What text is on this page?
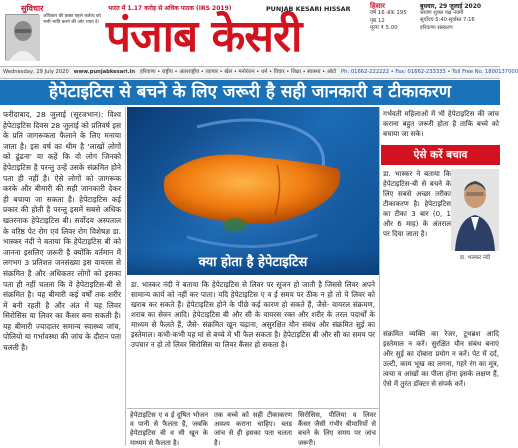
सुविचार
अधिकार की इच्छा पहले कर्तव्य को भली-भांति करने की ओर ध्यान दें।
भारत में 1.17 करोड़ से अधिक पाठक (IRS 2019)	PUNJAB KESARI HISSAR
पंजाब केसरी
हिसार
वर्ष 16 अंक 195
पृष्ठ 12
मूल्य ₹ 5.00
बुधवार, 29 जुलाई 2020
श्रावण शुक्ल पक्ष नवमी
सूर्योदय 5:40 सूर्यास्त 7:16
हरियाणा संस्करण
Wednesday, 29 July 2020 www.punjabkesari.in हरियाणा • राष्ट्रीय • अंतरराष्ट्रीय • व्यापार • खेल • मनोरंजन • धर्म • विचार • शिक्षा • स्वास्थ्य • ऑटो Ph: 01662-222222 • Fax: 01662-233333 • Toll Free No. 1800137000
हेपेटाइटिस से बचने के लिए जरूरी है सही जानकारी व टीकाकरण
फरीदाबाद, 28 जुलाई (सूरजभान): विश्व हेपेटाइटिस दिवस 28 जुलाई को प्रतिवर्ष इस के प्रति जागरूकता फैलाने के लिए मनाया जाता है। इस वर्ष का थीम है 'लाखों लोगों को ढूंढना' या कहें कि वो लोग जिनको हेपेटाइटिस है परन्तु उन्हें उसके संक्रमित होने पता ही नहीं है। ऐसे लोगों को जागरूक करके और बीमारी की सही जानकारी देकर ही बचाया जा सकता है। हेपेटाइटिस कई प्रकार की होती है परन्तु इसमें सबसे अधिक खतरनाक हेपेटाइटिस बी। सर्वोदय अस्पताल के वरिष्ठ पेट रोग एवं लिवर रोग विशेषज्ञ डा. भास्कर नंदी ने बताया कि हेपेटाइटिस बी को जानना इसलिए जरूरी है क्योंकि वर्तमान में लगभग 3 प्रतिशत जनसंख्या इस वायरस से संक्रमित है और अधिकतर लोगों को इसका पता ही नहीं चलता कि वे हेपेटाइटिस-बी से संक्रमित है। यह बीमारी कई वर्षों तक शरीर में बनी रहती है और अंत में यह लिवर सिरोसिस या लिवर का कैंसर बना सकती है। यह बीमारी ज्यादातर समान्य स्वास्थ्य जांच, पोलियो या गर्भावस्था की जांच के दौरान पता चलती है।
क्या होता है हेपेटाइटिस
डा. भास्कर नंदी ने बताया कि हेपेटाइटिस से लिवर पर सूजन हो जाती है जिससे लिवर अपने सामान्य कार्य को नहीं कर पाता। यदि हेपेटाइटिस ए व ई समय पर ठीक न हो तो ये लिवर को खराब कर सकते हैं। हेपेटाइटिस होने के पीछे कई कारण हो सकते हैं, जैसे- वायरल संक्रमण, शराब का सेवन आदि। हेपेटाइटिस बी और सी के वायरस रक्त और शरीर के तरल पदार्थों के माध्यम से फैलते हैं, जैसे- संक्रमित खून चढ़ाना, असुरक्षित यौन संबंध और संक्रमित सुई का इस्तेमाल। कभी-कभी यह मां से बच्चे में भी फैल सकता है। हेपेटाइटिस बी और सी का समय पर उपचार न हो तो लिवर सिरोसिस या लिवर कैंसर हो सकता है।
हेपेटाइटिस ए व ई दूषित भोजन व पानी से फैलता है, जबकि हेपेटाइटिस बी व सी खून के माध्यम से फैलता है।
तक बच्चे को सही टीकाकरण अवश्य कराना चाहिए। ब्लड जांच से ही इसका पता चलता है।
सिरोसिस, पीलिया व लिवर कैंसर जैसी गंभीर बीमारियों से बचने के लिए समय पर जांच जरूरी।
गर्भवती महिलाओं में भी हेपेटाइटिस की जांच कराना बहुत जरूरी होता है ताकि बच्चे को बचाया जा सके।
ऐसे करें बचाव
डा. भास्कर ने बताया कि हेपेटाइटिस-बी से बचने के लिए सबसे अच्छा तरीका टीकाकरण है। हेपेटाइटिस का टीका 3 बार (0, 1 और 6 माह) के अंतराल पर दिया जाता है।
डा. भास्कर नंदी
संक्रमित व्यक्ति का रेजर, टूथब्रश आदि इस्तेमाल न करें। सुरक्षित यौन संबंध बनाएं और सुई का दोबारा प्रयोग न करें। पेट में दर्द, उल्टी, काम भूख का लगना, गहरे रंग का मूत्र, त्वचा व आंखों का पीला होना इसके लक्षण हैं, ऐसे में तुरंत डॉक्टर से संपर्क करें।
